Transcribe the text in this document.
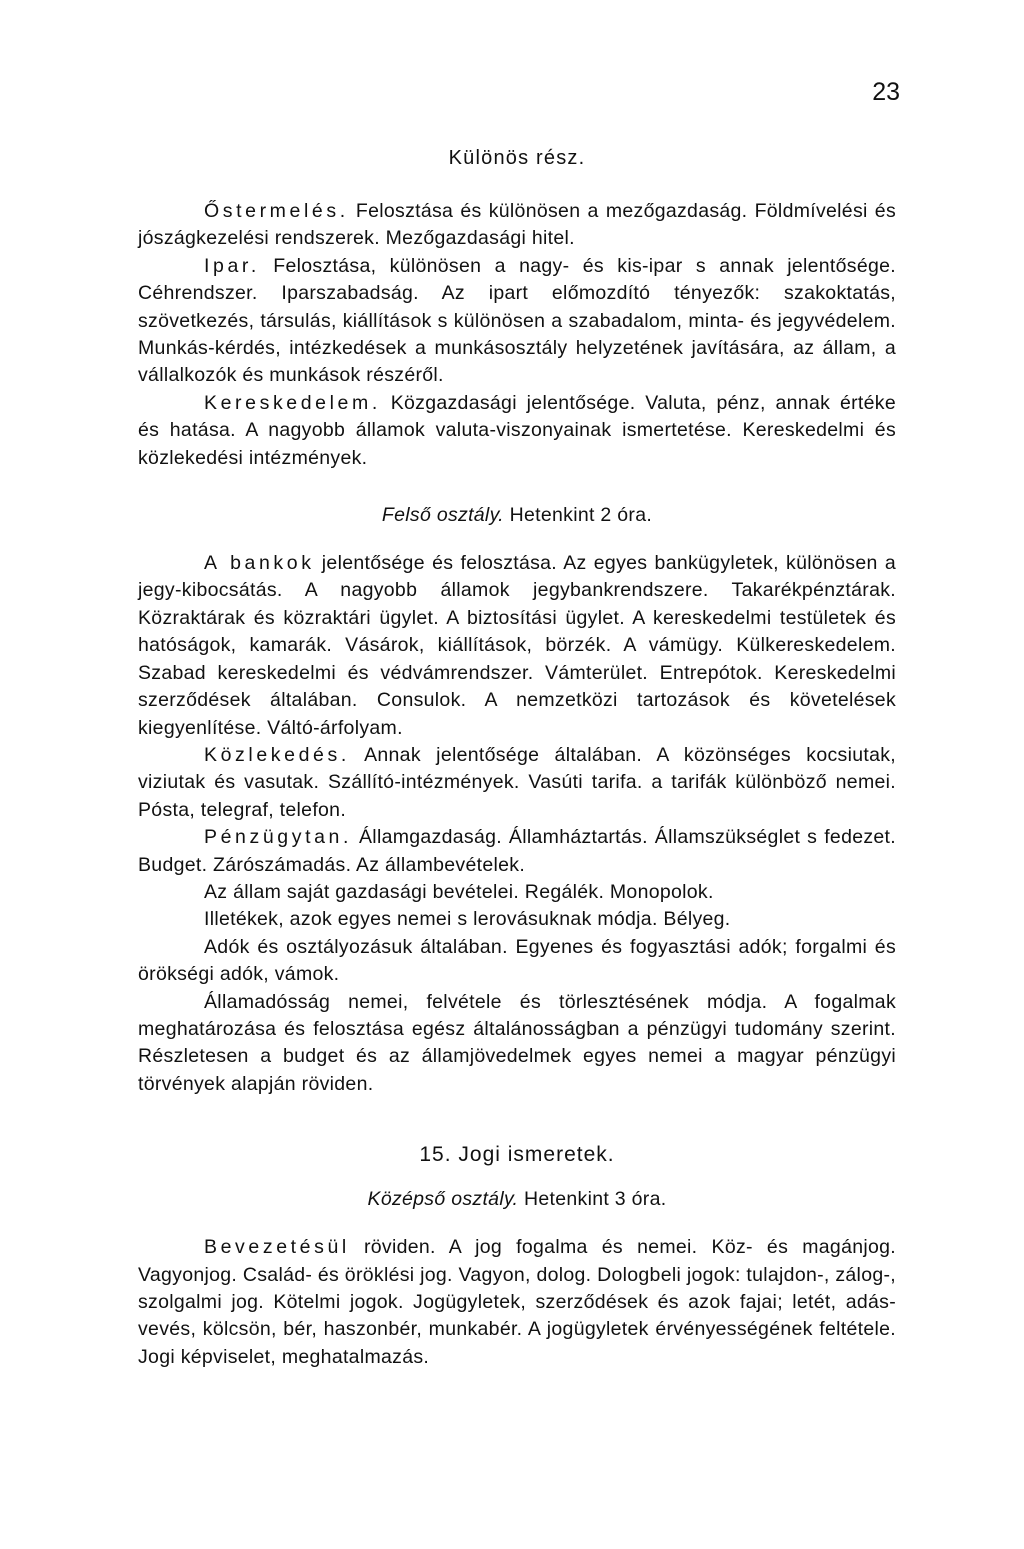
23
Különös rész.

Őstermelés. Felosztása és különösen a mezőgazdaság. Földmívelési és jószágkezelési rendszerek. Mezőgazdasági hitel.

Ipar. Felosztása, különösen a nagy- és kis-ipar s annak jelentősége. Céhrendszer. Iparszabadság. Az ipart előmozdító tényezők: szakoktatás, szövetkezés, társulás, kiállítások s különösen a szabadalom, minta- és jegyvédelem. Munkás-kérdés, intézkedések a munkásosztály helyzetének javítására, az állam, a vállalkozók és munkások részéről.

Kereskedelem. Közgazdasági jelentősége. Valuta, pénz, annak értéke és hatása. A nagyobb államok valuta-viszonyainak ismertetése. Kereskedelmi és közlekedési intézmények.

Felső osztály. Hetenkint 2 óra.

A bankok jelentősége és felosztása. Az egyes bankügyletek, különösen a jegy-kibocsátás. A nagyobb államok jegybankrendszere. Takarékpénztárak. Közraktárak és közraktári ügylet. A biztosítási ügylet. A kereskedelmi testületek és hatóságok, kamarák. Vásárok, kiállítások, börzék. A vámügy. Külkereskedelem. Szabad kereskedelmi és védvámrendszer. Vámterület. Entrepótok. Kereskedelmi szerződések általában. Consulok. A nemzetközi tartozások és követelések kiegyenlítése. Váltó-árfolyam.

Közlekedés. Annak jelentősége általában. A közönséges kocsiutak, viziutak és vasutak. Szállító-intézmények. Vasúti tarifa. a tarifák különböző nemei. Pósta, telegraf, telefon.

Pénzügytan. Államgazdaság. Államháztartás. Államszükséglet s fedezet. Budget. Zárószámadás. Az állambevételek.

Az állam saját gazdasági bevételei. Regálék. Monopolok.

Illetékek, azok egyes nemei s lerovásuknak módja. Bélyeg.

Adók és osztályozásuk általában. Egyenes és fogyasztási adók; forgalmi és örökségi adók, vámok.

Államadósság nemei, felvétele és törlesztésének módja. A fogalmak meghatározása és felosztása egész általánosságban a pénzügyi tudomány szerint. Részletesen a budget és az államjövedelmek egyes nemei a magyar pénzügyi törvények alapján röviden.

15. Jogi ismeretek.
Középső osztály. Hetenkint 3 óra.

Bevezetésül röviden. A jog fogalma és nemei. Köz- és magánjog. Vagyonjog. Család- és öröklési jog. Vagyon, dolog. Dologbeli jogok: tulajdon-, zálog-, szolgalmi jog. Kötelmi jogok. Jogügyletek, szerződések és azok fajai; letét, adás-vevés, kölcsön, bér, haszonbér, munkabér. A jogügyletek érvényességének feltétele. Jogi képviselet, meghatalmazás.
